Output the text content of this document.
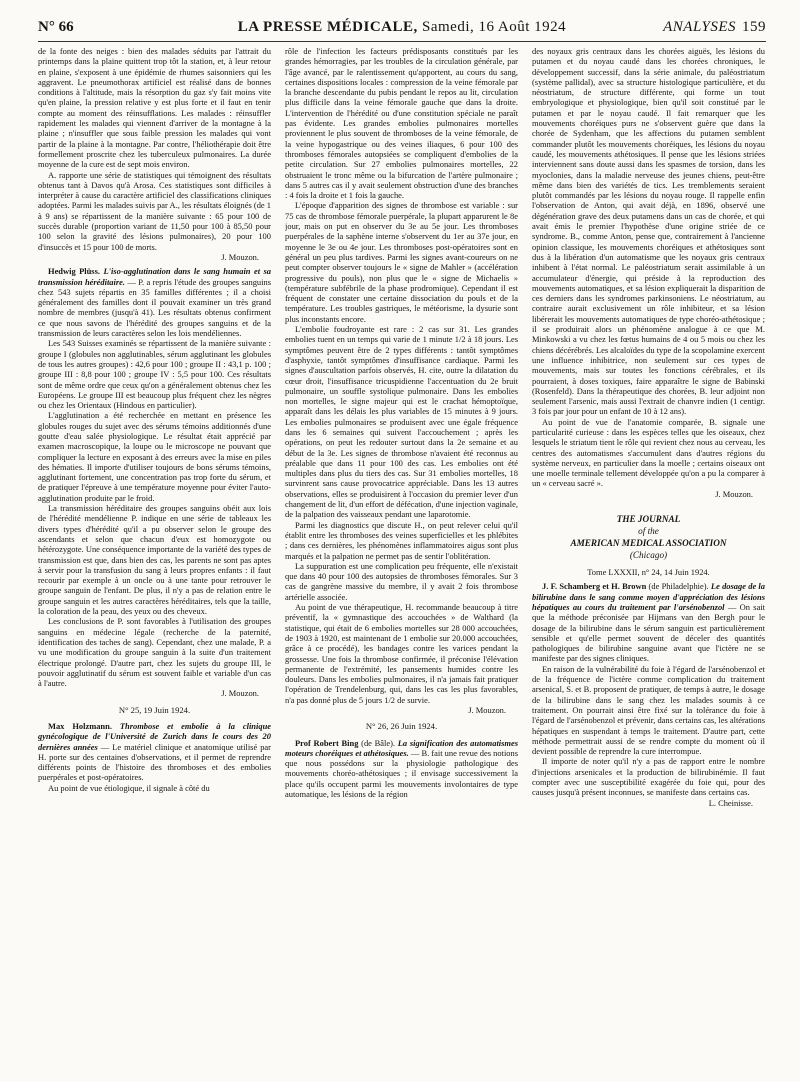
N° 66	LA PRESSE MÉDICALE, Samedi, 16 Août 1924	ANALYSES 159

de la fonte des neiges : bien des malades séduits par l'attrait du printemps dans la plaine quittent trop tôt la station, et, à leur retour en plaine, s'exposent à une épidémie de rhumes saisonniers qui les aggravent. Le pneumothorax artificiel est réalisé dans de bonnes conditions à l'altitude, mais la résorption du gaz s'y fait moins vite qu'en plaine, la pression relative y est plus forte et il faut en tenir compte au moment des réinsufflations. Les malades : réinsuffler rapidement les malades qui viennent d'arriver de la montagne à la plaine ; n'insuffler que sous faible pression les malades qui vont partir de la plaine à la montagne. Par contre, l'héliothérapie doit être formellement proscrite chez les tuberculeux pulmonaires. La durée moyenne de la cure est de sept mois environ.

A. rapporte une série de statistiques qui témoignent des résultats obtenus tant à Davos qu'à Arosa. Ces statistiques sont difficiles à interpréter à cause du caractère artificiel des classifications cliniques adoptées. Parmi les malades suivis par A., les résultats éloignés (de 1 à 9 ans) se répartissent de la manière suivante : 65 pour 100 de succès durable (proportion variant de 11,50 pour 100 à 85,50 pour 100 selon la gravité des lésions pulmonaires), 20 pour 100 d'insuccès et 15 pour 100 de morts.

J. Mouzon.

Hedwig Plüss. L'iso-agglutination dans le sang humain et sa transmission héréditaire. — P. a repris l'étude des groupes sanguins chez 543 sujets répartis en 35 familles différentes ; il a choisi généralement des familles dont il pouvait examiner un très grand nombre de membres (jusqu'à 41). Les résultats obtenus confirment ce que nous savons de l'hérédité des groupes sanguins et de la transmission de leurs caractères selon les lois mendéliennes.

Les 543 Suisses examinés se répartissent de la manière suivante : groupe I (globules non agglutinables, sérum agglutinant les globules de tous les autres groupes) : 42,6 pour 100 ; groupe II : 43,1 p. 100 ; groupe III : 8,8 pour 100 ; groupe IV : 5,5 pour 100. Ces résultats sont de même ordre que ceux qu'on a généralement obtenus chez les Européens. Le groupe III est beaucoup plus fréquent chez les nègres ou chez les Orientaux (Hindous en particulier).

L'agglutination a été recherchée en mettant en présence les globules rouges du sujet avec des sérums témoins additionnés d'une goutte d'eau salée physiologique. Le résultat était apprécié par examen macroscopique, la loupe ou le microscope ne pouvant que compliquer la lecture en exposant à des erreurs avec la mise en piles des hématies. Il importe d'utiliser toujours de bons sérums témoins, agglutinant fortement, une concentration pas trop forte du sérum, et de pratiquer l'épreuve à une température moyenne pour éviter l'auto-agglutination produite par le froid.

La transmission héréditaire des groupes sanguins obéit aux lois de l'hérédité mendélienne P. indique en une série de tableaux les divers types d'hérédité qu'il a pu observer selon le groupe des ascendants et selon que chacun d'eux est homozygote ou hétérozygote. Une conséquence importante de la variété des types de transmission est que, dans bien des cas, les parents ne sont pas aptes à servir pour la transfusion du sang à leurs propres enfants : il faut recourir par exemple à un oncle ou à une tante pour retrouver le groupe sanguin de l'enfant. De plus, il n'y a pas de relation entre le groupe sanguin et les autres caractères héréditaires, tels que la taille, la coloration de la peau, des yeux ou des cheveux.

Les conclusions de P. sont favorables à l'utilisation des groupes sanguins en médecine légale (recherche de la paternité, identification des taches de sang). Cependant, chez une malade, P. a vu une modification du groupe sanguin à la suite d'un traitement électrique prolongé. D'autre part, chez les sujets du groupe III, le pouvoir agglutinatif du sérum est souvent faible et variable d'un cas à l'autre.

J. Mouzon.
N° 25, 19 Juin 1924.

Max Holzmann. Thrombose et embolie à la clinique gynécologique de l'Université de Zurich dans le cours des 20 dernières années — Le matériel clinique et anatomique utilisé par H. porte sur des centaines d'observations, et il permet de reprendre différents points de l'histoire des thromboses et des embolies puerpérales et post-opératoires.

Au point de vue étiologique, il signale à côté du

rôle de l'infection les facteurs prédisposants constitués par les grandes hémorragies, par les troubles de la circulation générale, par l'âge avancé, par le ralentissement qu'apportent, au cours du sang, certaines dispositions locales : compression de la veine fémorale par la branche descendante du pubis pendant le repos au lit, circulation plus difficile dans la veine fémorale gauche que dans la droite. L'intervention de l'hérédité ou d'une constitution spéciale ne paraît pas évidente. Les grandes embolies pulmonaires mortelles proviennent le plus souvent de thromboses de la veine fémorale, de la veine hypogastrique ou des veines iliaques, 6 pour 100 des thromboses fémorales autopsiées se compliquent d'embolies de la petite circulation. Sur 27 embolies pulmonaires mortelles, 22 obstruaient le tronc même ou la bifurcation de l'artère pulmonaire ; dans 5 autres cas il y avait seulement obstruction d'une des branches : 4 fois la droite et 1 fois la gauche.

L'époque d'apparition des signes de thrombose est variable : sur 75 cas de thrombose fémorale puerpérale, la plupart apparurent le 8e jour, mais on put en observer du 3e au 5e jour. Les thromboses puerpérales de la saphène interne s'observent du 1er au 37e jour, en moyenne le 3e ou 4e jour. Les thromboses post-opératoires sont en général un peu plus tardives. Parmi les signes avant-coureurs on ne peut compter observer toujours le « signe de Mahler » (accélération progressive du pouls), non plus que le « signe de Michaelis » (température subfébrile de la phase prodromique). Cependant il est fréquent de constater une certaine dissociation du pouls et de la température. Les troubles gastriques, le météorisme, la dysurie sont plus inconstants encore.

L'embolie foudroyante est rare : 2 cas sur 31. Les grandes embolies tuent en un temps qui varie de 1 minute 1/2 à 18 jours. Les symptômes peuvent être de 2 types différents : tantôt symptômes d'asphyxie, tantôt symptômes d'insuffisance cardiaque. Parmi les signes d'auscultation parfois observés, H. cite, outre la dilatation du cœur droit, l'insuffisance tricuspidienne l'accentuation du 2e bruit pulmonaire, un souffle systolique pulmonaire. Dans les embolies non mortelles, le signe majeur qui est le crachat hémoptoïque, apparaît dans les délais les plus variables de 15 minutes à 9 jours. Les embolies pulmonaires se produisent avec une égale fréquence dans les 6 semaines qui suivent l'accouchement ; après les opérations, on peut les redouter surtout dans la 2e semaine et au début de la 3e. Les signes de thrombose n'avaient été reconnus au préalable que dans 11 pour 100 des cas. Les embolies ont été multiples dans plus du tiers des cas. Sur 31 embolies mortelles, 18 survinrent sans cause provocatrice appréciable. Dans les 13 autres observations, elles se produisirent à l'occasion du premier lever d'un changement de lit, d'un effort de défécation, d'une injection vaginale, de la palpation des vaisseaux pendant une laparotomie.

Parmi les diagnostics que discute H., on peut relever celui qu'il établit entre les thromboses des veines superficielles et les phlébites ; dans ces dernières, les phénomènes inflammatoires aigus sont plus marqués et la palpation ne permet pas de sentir l'oblitération.

La suppuration est une complication peu fréquente, elle n'existait que dans 40 pour 100 des autopsies de thromboses fémorales. Sur 3 cas de gangrène massive du membre, il y avait 2 fois thrombose artérielle associée.

Au point de vue thérapeutique, H. recommande beaucoup à titre préventif, la « gymnastique des accouchées » de Walthard (la statistique, qui était de 6 embolies mortelles sur 28 000 accouchées, de 1903 à 1920, est maintenant de 1 embolie sur 20.000 accouchées, grâce à ce procédé), les bandages contre les varices pendant la grossesse. Une fois la thrombose confirmée, il préconise l'élévation permanente de l'extrémité, les pansements humides contre les douleurs. Dans les embolies pulmonaires, il n'a jamais fait pratiquer l'opération de Trendelenburg, qui, dans les cas les plus favorables, n'a pas donné plus de 5 jours 1/2 de survie.

J. Mouzon.
N° 26, 26 Juin 1924.

Prof Robert Bing (de Bâle). La signification des automatismes moteurs choréiques et athétosiques. — B. fait une revue des notions que nous possédons sur la physiologie pathologique des mouvements choréo-athétosiques ; il envisage successivement la place qu'ils occupent parmi les mouvements involontaires de type automatique, les lésions de la région

des noyaux gris centraux dans les chorées aiguës, les lésions du putamen et du noyau caudé dans les chorées chroniques, le développement successif, dans la série animale, du paléostriatum (système pallidal), avec sa structure histologique particulière, et du néostriatum, de structure différente, qui forme un tout embryologique et physiologique, bien qu'il soit constitué par le putamen et par le noyau caudé. Il fait remarquer que les mouvements choréiques purs ne s'observent guère que dans la chorée de Sydenham, que les affections du putamen semblent commander plutôt les mouvements choréiques, les lésions du noyau caudé, les mouvements athétosiques. Il pense que les lésions striées interviennent sans doute aussi dans les spasmes de torsion, dans les myoclonies, dans la maladie nerveuse des jeunes chiens, peut-être même dans bien des variétés de tics. Les tremblements seraient plutôt commandés par les lésions du noyau rouge. Il rappelle enfin l'observation de Anton, qui avait déjà, en 1896, observé une dégénération grave des deux putamens dans un cas de chorée, et qui avait émis le premier l'hypothèse d'une origine striée de ce syndrome. B., comme Anton, pense que, contrairement à l'ancienne opinion classique, les mouvements choréiques et athétosiques sont dus à la libération d'un automatisme que les noyaux gris centraux inhibent à l'état normal. Le paléostriatum serait assimilable à un accumulateur d'énergie, qui préside à la reproduction des mouvements automatiques, et sa lésion expliquerait la disparition de ces derniers dans les syndromes parkinsoniens. Le néostriatum, au contraire aurait exclusivement un rôle inhibiteur, et sa lésion libérerait les mouvements automatiques de type choréo-athétosique ; il se produirait alors un phénomène analogue à ce que M. Minkowski a vu chez les fœtus humains de 4 ou 5 mois ou chez les chiens décérébrés. Les alcaloïdes du type de la scopolamine exercent une influence inhibitrice, non seulement sur ces types de mouvements, mais sur toutes les fonctions cérébrales, et ils pourraient, à doses toxiques, faire apparaître le signe de Babinski (Rosenfeld). Dans la thérapeutique des chorées, B. leur adjoint non seulement l'arsenic, mais aussi l'extrait de chanvre indien (1 centigr. 3 fois par jour pour un enfant de 10 à 12 ans).

Au point de vue de l'anatomie comparée, B. signale une particularité curieuse : dans les espèces telles que les oiseaux, chez lesquels le striatum tient le rôle qui revient chez nous au cerveau, les centres des automatismes s'accumulent dans d'autres régions du système nerveux, en particulier dans la moelle ; certains oiseaux ont une moelle terminale tellement développée qu'on a pu la comparer à un « cerveau sacré ».

J. Mouzon.
THE JOURNAL
of the
AMERICAN MEDICAL ASSOCIATION
(Chicago)
Tome LXXXII, n° 24, 14 Juin 1924.

J. F. Schamberg et H. Brown (de Philadelphie). Le dosage de la bilirubine dans le sang comme moyen d'appréciation des lésions hépatiques au cours du traitement par l'arsénobenzol — On sait que la méthode préconisée par Hijmans van den Bergh pour le dosage de la bilirubine dans le sérum sanguin est particulièrement sensible et qu'elle permet souvent de déceler des quantités pathologiques de bilirubine sanguine avant que l'ictère ne se manifeste par des signes cliniques.

En raison de la vulnérabilité du foie à l'égard de l'arsénobenzol et de la fréquence de l'ictère comme complication du traitement arsenical, S. et B. proposent de pratiquer, de temps à autre, le dosage de la bilirubine dans le sang chez les malades soumis à ce traitement. On pourrait ainsi être fixé sur la tolérance du foie à l'égard de l'arsénobenzol et prévenir, dans certains cas, les altérations hépatiques en suspendant à temps le traitement. D'autre part, cette méthode permettrait aussi de se rendre compte du moment où il devient possible de reprendre la cure interrompue.

Il importe de noter qu'il n'y a pas de rapport entre le nombre d'injections arsenicales et la production de bilirubinémie. Il faut compter avec une susceptibilité exagérée du foie qui, pour des causes jusqu'à présent inconnues, se manifeste dans certains cas.

L. Cheinisse.
